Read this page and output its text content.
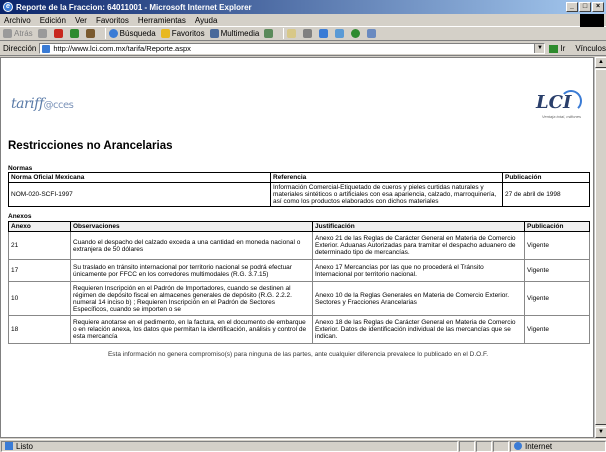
e Reporte de la Fraccion: 64011001 - Microsoft Internet Explorer	_	□	×
Archivo Edición Ver Favoritos Herramientas Ayuda
Atrás	Búsqueda Favoritos Multimedia
Dirección http://www.lci.com.mx/tarifa/Reporte.aspx	▼ Ir Vínculos
tariff@cces	LCI
Ventaja total, millones
Restricciones no Arancelarias
Normas
Norma Oficial Mexicana	Referencia	Publicación
NOM-020-SCFI-1997	Información Comercial-Etiquetado de cueros y pieles curtidas naturales y materiales sintéticos o artificiales con esa apariencia, calzado, marroquinería, así como los productos elaborados con dichos materiales	27 de abril de 1998
Anexos
Anexo	Observaciones	Justificación	Publicación
21	Cuando el despacho del calzado exceda a una cantidad en moneda nacional o extranjera de 50 dólares	Anexo 21 de las Reglas de Carácter General en Materia de Comercio Exterior. Aduanas Autorizadas para tramitar el despacho aduanero de determinado tipo de mercancías.	Vigente
17	Su traslado en tránsito internacional por territorio nacional se podrá efectuar únicamente por FFCC en los corredores multimodales (R.G. 3.7.15)	Anexo 17 Mercancías por las que no procederá el Tránsito Internacional por territorio nacional.	Vigente
10	Requieren Inscripción en el Padrón de Importadores, cuando se destinen al régimen de depósito fiscal en almacenes generales de depósito (R.G. 2.2.2. numeral 14 inciso b) ; Requieren Inscripción en el Padrón de Sectores Específicos, cuando se importen o se	Anexo 10 de la Reglas Generales en Materia de Comercio Exterior. Sectores y Fracciones Arancelarias	Vigente
18	Requiere anotarse en el pedimento, en la factura, en el documento de embarque o en relación anexa, los datos que permitan la identificación, análisis y control de esta mercancía	Anexo 18 de las Reglas de Carácter General en Materia de Comercio Exterior. Datos de identificación individual de las mercancías que se indican.	Vigente
Esta información no genera compromiso(s) para ninguna de las partes, ante cualquier diferencia prevalece lo publicado en el D.O.F.
▲
▼
Listo	Internet
